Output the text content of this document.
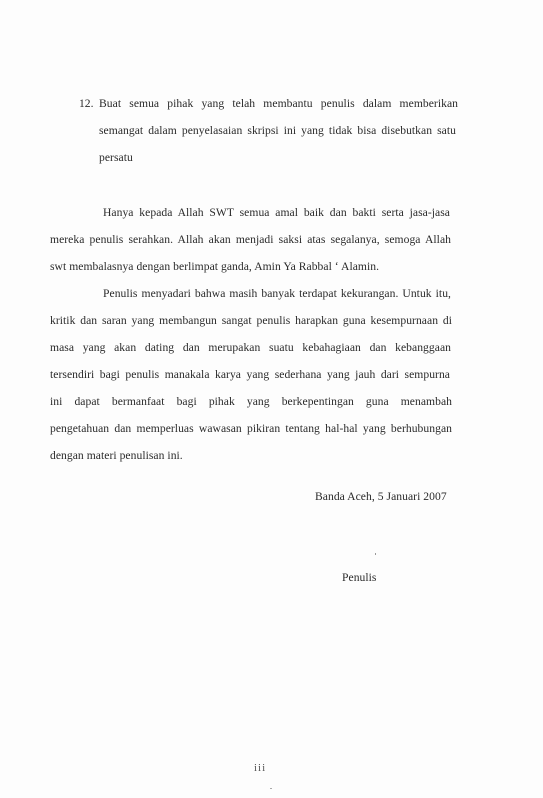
12. Buat semua pihak yang telah membantu penulis dalam memberikan
semangat dalam penyelasaian skripsi ini yang tidak bisa disebutkan satu
persatu
Hanya kepada Allah SWT semua amal baik dan bakti serta jasa-jasa
mereka penulis serahkan. Allah akan menjadi saksi atas segalanya, semoga Allah
swt membalasnya dengan berlimpat ganda, Amin Ya Rabbal ‘ Alamin.
Penulis menyadari bahwa masih banyak terdapat kekurangan. Untuk itu,
kritik dan saran yang membangun sangat penulis harapkan guna kesempurnaan di
masa yang akan dating dan merupakan suatu kebahagiaan dan kebanggaan
tersendiri bagi penulis manakala karya yang sederhana yang jauh dari sempurna
ini dapat bermanfaat bagi pihak yang berkepentingan guna menambah
pengetahuan dan memperluas wawasan pikiran tentang hal-hal yang berhubungan
dengan materi penulisan ini.
Banda Aceh, 5 Januari 2007
Penulis
iii
